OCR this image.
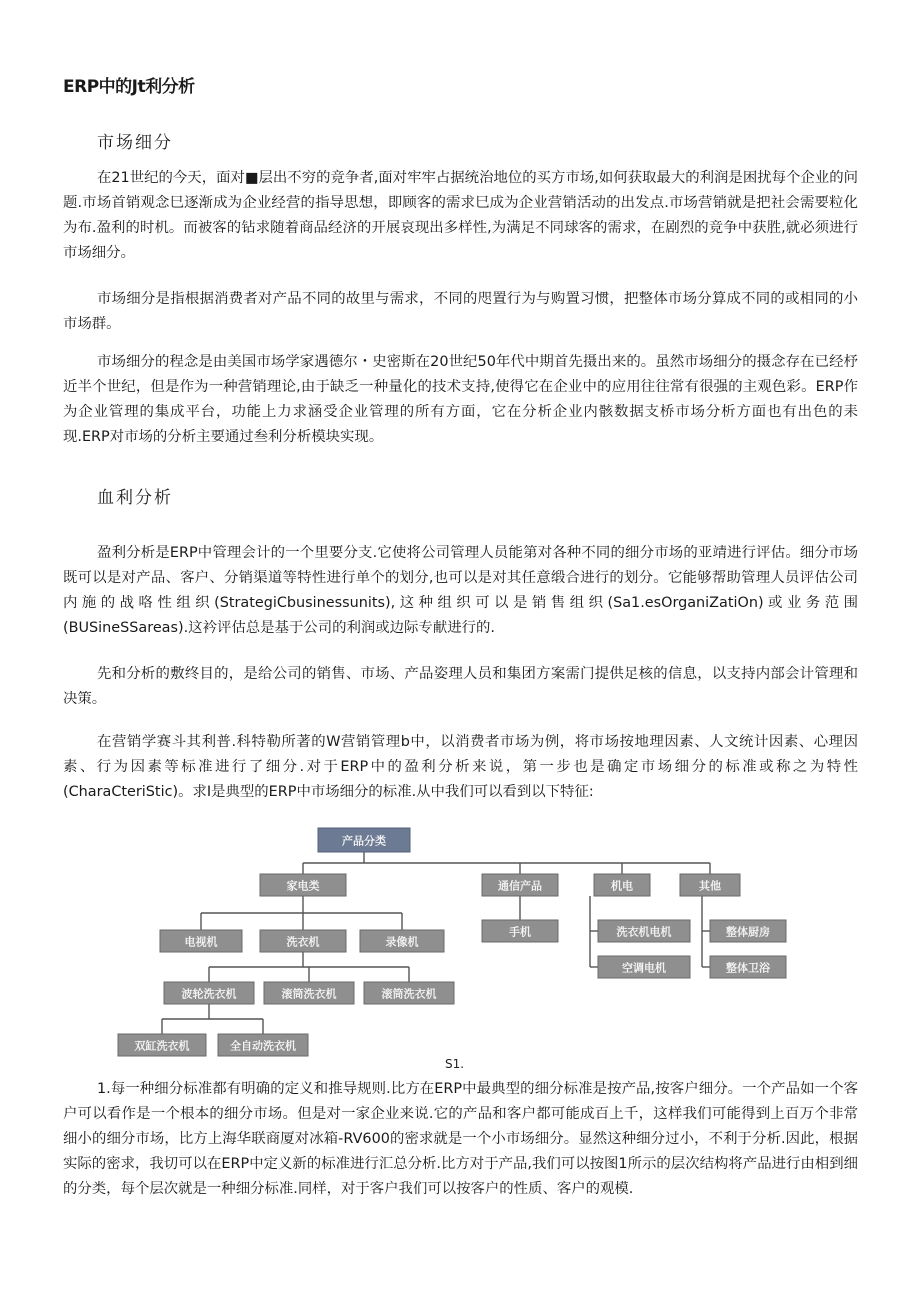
ERP中的Jt利分析
市场细分

在21世纪的今天，面对■层出不穷的竞争者,面对牢牢占据统治地位的买方市场,如何获取最大的利润是困扰每个企业的问题.市场首销观念巳逐渐成为企业经营的指导思想，即顾客的需求巳成为企业营销活动的出发点.市场营销就是把社会需要粒化为布.盈利的时机。而被客的钻求随着商品经济的开展哀现出多样性,为满足不同球客的需求，在剧烈的竞争中获胜,就必须进行市场细分。

市场细分是指根据消费者对产品不同的故里与需求，不同的咫置行为与购置习惯，把整体市场分算成不同的或相同的小市场群。

市场细分的程念是由美国市场学家遇德尔・史密斯在20世纪50年代中期首先摄出来的。虽然市场细分的摄念存在已经杼近半个世纪，但是作为一种营销理论,由于缺乏一种量化的技术支持,使得它在企业中的应用往往常有很强的主观色彩。ERP作为企业管理的集成平台，功能上力求涵受企业管理的所有方面，它在分析企业内骸数据支桥市场分析方面也有出色的耒现.ERP对市场的分析主要通过叁利分析模块实现。

血利分析

盈利分析是ERP中管理会计的一个里要分支.它使将公司管理人员能第对各种不同的细分市场的亚靖进行评估。细分市场既可以是对产品、客户、分销渠道等特性进行单个的划分,也可以是对其任意缎合进行的划分。它能够帮助管理人员评估公司内施的战咯性组织(StrategiCbusinessunits),这种组织可以是销售组织(Sa1.esOrganiZatiOn)或业务范围(BUSineSSareas).这衿评估总是基于公司的利润或边际专献进行的.

先和分析的敷终目的，是给公司的销售、市场、产品姿理人员和集团方案需门提供足核的信息，以支持内部会计管理和决策。

在营销学赛斗其利普.科特勒所著的W营销管理b中，以消费者市场为例，将市场按地理因素、人文统计因素、心理因素、行为因素等标准进行了细分.对于ERP中的盈利分析来说，第一步也是确定市场细分的标准或称之为特性(CharaCteriStic)。求I是典型的ERP中市场细分的标准.从中我们可以看到以下特征:

产品分类
家电类	通信产品	机电	其他
电视机	洗衣机	录像机
波轮洗衣机	滚筒洗衣机	滚筒洗衣机
双缸洗衣机	全自动洗衣机
手机	洗衣机电机
空调电机
整体厨房
整体卫浴
S1.

1.每一种细分标准都有明确的定义和推导规则.比方在ERP中最典型的细分标准是按产品,按客户细分。一个产品如一个客户可以看作是一个根本的细分市场。但是对一家企业来说.它的产品和客户都可能成百上千，这样我们可能得到上百万个非常细小的细分市场，比方上海华联商厦对冰箱-RV600的密求就是一个小市场细分。显然这种细分过小，不利于分析.因此，根据实际的密求，我切可以在ERP中定义新的标准进行汇总分析.比方对于产品,我们可以按图1所示的层次结构将产品进行由相到细的分类，每个层次就是一种细分标准.同样，对于客户我们可以按客户的性质、客户的观模.
